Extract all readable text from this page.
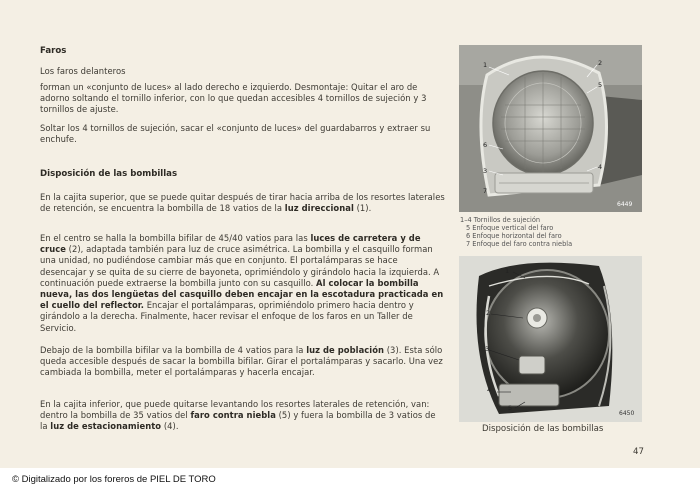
Faros
Los faros delanteros
forman un «conjunto de luces» al lado derecho e izquierdo. Desmontaje: Quitar el aro de adorno soltando el tornillo inferior, con lo que quedan accesibles 4 tornillos de sujeción y 3 tornillos de ajuste.
Soltar los 4 tornillos de sujeción, sacar el «conjunto de luces» del guardabarros y extraer su enchufe.
Disposición de las bombillas
En la cajita superior, que se puede quitar después de tirar hacia arriba de los resortes laterales de retención, se encuentra la bombilla de 18 vatios de la luz direccional (1).
En el centro se halla la bombilla bifilar de 45/40 vatios para las luces de carretera y de cruce (2), adaptada también para luz de cruce asimétrica. La bombilla y el casquillo forman una unidad, no pudiéndose cambiar más que en conjunto. El portalámparas se hace desencajar y se quita de su cierre de bayoneta, oprimiéndolo y girándolo hacia la izquierda. A continuación puede extraerse la bombilla junto con su casquillo. Al colocar la bombilla nueva, las dos lengüetas del casquillo deben encajar en la escotadura practicada en el cuello del reflector. Encajar el portalámparas, oprimiéndolo primero hacia dentro y girándolo a la derecha. Finalmente, hacer revisar el enfoque de los faros en un Taller de Servicio.
Debajo de la bombilla bifilar va la bombilla de 4 vatios para la luz de población (3). Esta sólo queda accesible después de sacar la bombilla bifilar. Girar el portalámparas y sacarlo. Una vez cambiada la bombilla, meter el portalámparas y hacerla encajar.
En la cajita inferior, que puede quitarse levantando los resortes laterales de retención, van: dentro la bombilla de 35 vatios del faro contra niebla (5) y fuera la bombilla de 3 vatios de la luz de estacionamiento (4).
1	2
5
6
3	4
7
6449
1–4 Tornillos de sujeción
5 Enfoque vertical del faro
6 Enfoque horizontal del faro
7 Enfoque del faro contra niebla
1
2
3
4
5
6450
Disposición de las bombillas
47
© Digitalizado por los foreros de PIEL DE TORO
